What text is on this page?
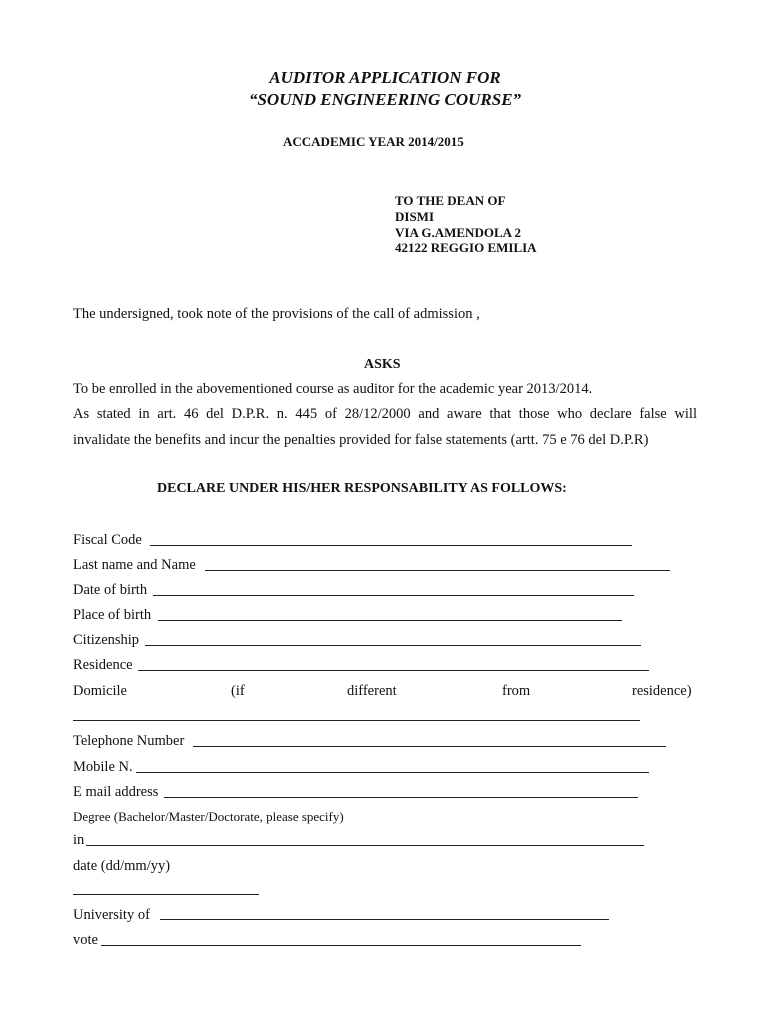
AUDITOR APPLICATION FOR
“SOUND ENGINEERING COURSE”
ACCADEMIC YEAR 2014/2015
TO THE DEAN OF
DISMI
VIA G.AMENDOLA 2
42122 REGGIO EMILIA
The undersigned, took note of the provisions of the call of admission ,
ASKS
To be enrolled in the abovementioned course as auditor for the academic year 2013/2014.
As stated in art. 46 del D.P.R. n. 445 of 28/12/2000 and aware that those who declare false will
invalidate the benefits and incur the penalties provided for false statements (artt. 75 e 76 del D.P.R)
DECLARE UNDER HIS/HER RESPONSABILITY AS FOLLOWS:
Fiscal Code
Last name and Name
Date of birth
Place of birth
Citizenship
Residence
Domicile	(if	different	from	residence)
Telephone Number
Mobile N.
E mail address
Degree (Bachelor/Master/Doctorate, please specify)
in
date (dd/mm/yy)
University of
vote
